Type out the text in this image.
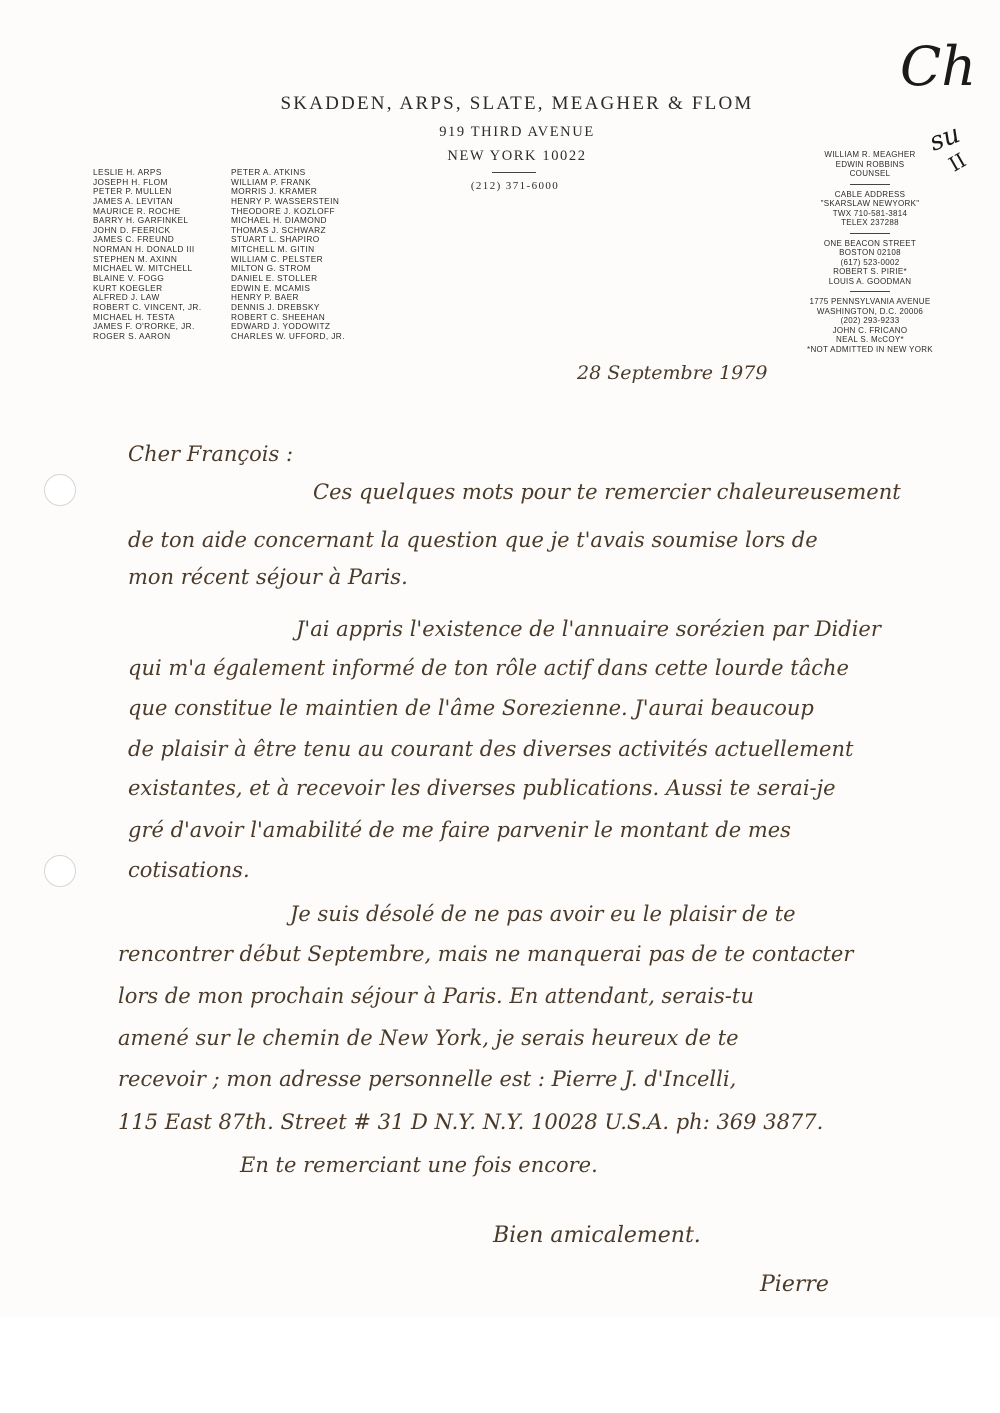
SKADDEN, ARPS, SLATE, MEAGHER & FLOM
919 THIRD AVENUE
NEW YORK 10022
(212) 371-6000
LESLIE H. ARPS
JOSEPH H. FLOM
PETER P. MULLEN
JAMES A. LEVITAN
MAURICE R. ROCHE
BARRY H. GARFINKEL
JOHN D. FEERICK
JAMES C. FREUND
NORMAN H. DONALD III
STEPHEN M. AXINN
MICHAEL W. MITCHELL
BLAINE V. FOGG
KURT KOEGLER
ALFRED J. LAW
ROBERT C. VINCENT, JR.
MICHAEL H. TESTA
JAMES F. O'RORKE, JR.
ROGER S. AARON
PETER A. ATKINS
WILLIAM P. FRANK
MORRIS J. KRAMER
HENRY P. WASSERSTEIN
THEODORE J. KOZLOFF
MICHAEL H. DIAMOND
THOMAS J. SCHWARZ
STUART L. SHAPIRO
MITCHELL M. GITIN
WILLIAM C. PELSTER
MILTON G. STROM
DANIEL E. STOLLER
EDWIN E. MCAMIS
HENRY P. BAER
DENNIS J. DREBSKY
ROBERT C. SHEEHAN
EDWARD J. YODOWITZ
CHARLES W. UFFORD, JR.
WILLIAM R. MEAGHER
EDWIN ROBBINS
COUNSEL
CABLE ADDRESS
"SKARSLAW NEWYORK"
TWX 710-581-3814
TELEX 237288
ONE BEACON STREET
BOSTON 02108
(617) 523-0002
ROBERT S. PIRIE*
LOUIS A. GOODMAN
1775 PENNSYLVANIA AVENUE
WASHINGTON, D.C. 20006
(202) 293-9233
JOHN C. FRICANO
NEAL S. McCOY*
*NOT ADMITTED IN NEW YORK
Ch
su
II
28 Septembre 1979
Cher François :
Ces quelques mots pour te remercier chaleureusement
de ton aide concernant la question que je t'avais soumise lors de
mon récent séjour à Paris.
J'ai appris l'existence de l'annuaire sorézien par Didier
qui m'a également informé de ton rôle actif dans cette lourde tâche
que constitue le maintien de l'âme Sorezienne. J'aurai beaucoup
de plaisir à être tenu au courant des diverses activités actuellement
existantes, et à recevoir les diverses publications. Aussi te serai-je
gré d'avoir l'amabilité de me faire parvenir le montant de mes
cotisations.
Je suis désolé de ne pas avoir eu le plaisir de te
rencontrer début Septembre, mais ne manquerai pas de te contacter
lors de mon prochain séjour à Paris. En attendant, serais-tu
amené sur le chemin de New York, je serais heureux de te
recevoir ; mon adresse personnelle est : Pierre J. d'Incelli,
115 East 87th. Street # 31 D N.Y. N.Y. 10028 U.S.A. ph: 369 3877.
En te remerciant une fois encore.
Bien amicalement.
Pierre
